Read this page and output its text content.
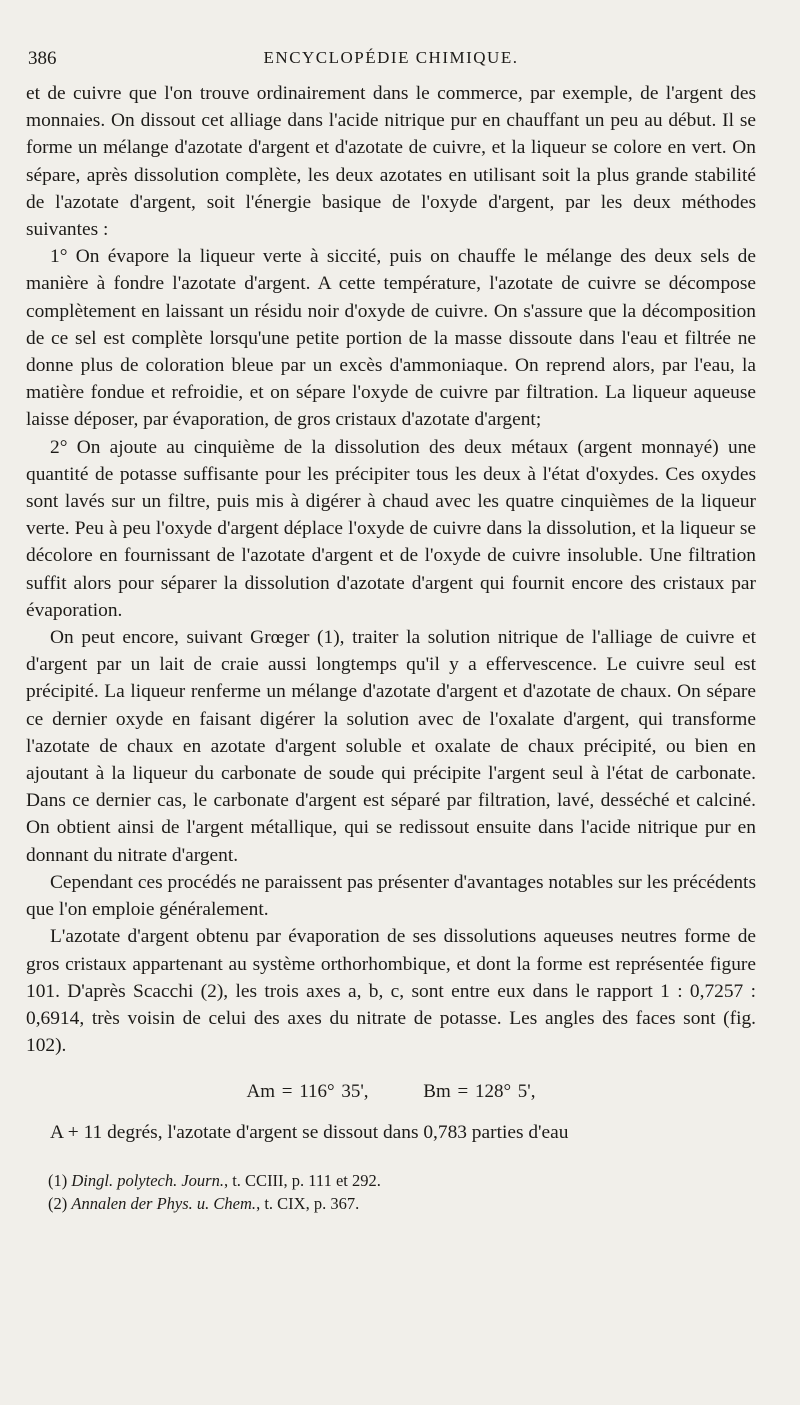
386	ENCYCLOPÉDIE CHIMIQUE.

et de cuivre que l'on trouve ordinairement dans le commerce, par exemple, de l'argent des monnaies. On dissout cet alliage dans l'acide nitrique pur en chauffant un peu au début. Il se forme un mélange d'azotate d'argent et d'azotate de cuivre, et la liqueur se colore en vert. On sépare, après dissolution complète, les deux azotates en utilisant soit la plus grande stabilité de l'azotate d'argent, soit l'énergie basique de l'oxyde d'argent, par les deux méthodes suivantes :

1° On évapore la liqueur verte à siccité, puis on chauffe le mélange des deux sels de manière à fondre l'azotate d'argent. A cette température, l'azotate de cuivre se décompose complètement en laissant un résidu noir d'oxyde de cuivre. On s'assure que la décomposition de ce sel est complète lorsqu'une petite portion de la masse dissoute dans l'eau et filtrée ne donne plus de coloration bleue par un excès d'ammoniaque. On reprend alors, par l'eau, la matière fondue et refroidie, et on sépare l'oxyde de cuivre par filtration. La liqueur aqueuse laisse déposer, par évaporation, de gros cristaux d'azotate d'argent;

2° On ajoute au cinquième de la dissolution des deux métaux (argent monnayé) une quantité de potasse suffisante pour les précipiter tous les deux à l'état d'oxydes. Ces oxydes sont lavés sur un filtre, puis mis à digérer à chaud avec les quatre cinquièmes de la liqueur verte. Peu à peu l'oxyde d'argent déplace l'oxyde de cuivre dans la dissolution, et la liqueur se décolore en fournissant de l'azotate d'argent et de l'oxyde de cuivre insoluble. Une filtration suffit alors pour séparer la dissolution d'azotate d'argent qui fournit encore des cristaux par évaporation.

On peut encore, suivant Grœger (1), traiter la solution nitrique de l'alliage de cuivre et d'argent par un lait de craie aussi longtemps qu'il y a effervescence. Le cuivre seul est précipité. La liqueur renferme un mélange d'azotate d'argent et d'azotate de chaux. On sépare ce dernier oxyde en faisant digérer la solution avec de l'oxalate d'argent, qui transforme l'azotate de chaux en azotate d'argent soluble et oxalate de chaux précipité, ou bien en ajoutant à la liqueur du carbonate de soude qui précipite l'argent seul à l'état de carbonate. Dans ce dernier cas, le carbonate d'argent est séparé par filtration, lavé, desséché et calciné. On obtient ainsi de l'argent métallique, qui se redissout ensuite dans l'acide nitrique pur en donnant du nitrate d'argent.

Cependant ces procédés ne paraissent pas présenter d'avantages notables sur les précédents que l'on emploie généralement.

L'azotate d'argent obtenu par évaporation de ses dissolutions aqueuses neutres forme de gros cristaux appartenant au système orthorhombique, et dont la forme est représentée figure 101. D'après Scacchi (2), les trois axes a, b, c, sont entre eux dans le rapport 1 : 0,7257 : 0,6914, très voisin de celui des axes du nitrate de potasse. Les angles des faces sont (fig. 102).

Am = 116° 35',	Bm = 128° 5',

A + 11 degrés, l'azotate d'argent se dissout dans 0,783 parties d'eau

(1) Dingl. polytech. Journ., t. CCIII, p. 111 et 292.

(2) Annalen der Phys. u. Chem., t. CIX, p. 367.
